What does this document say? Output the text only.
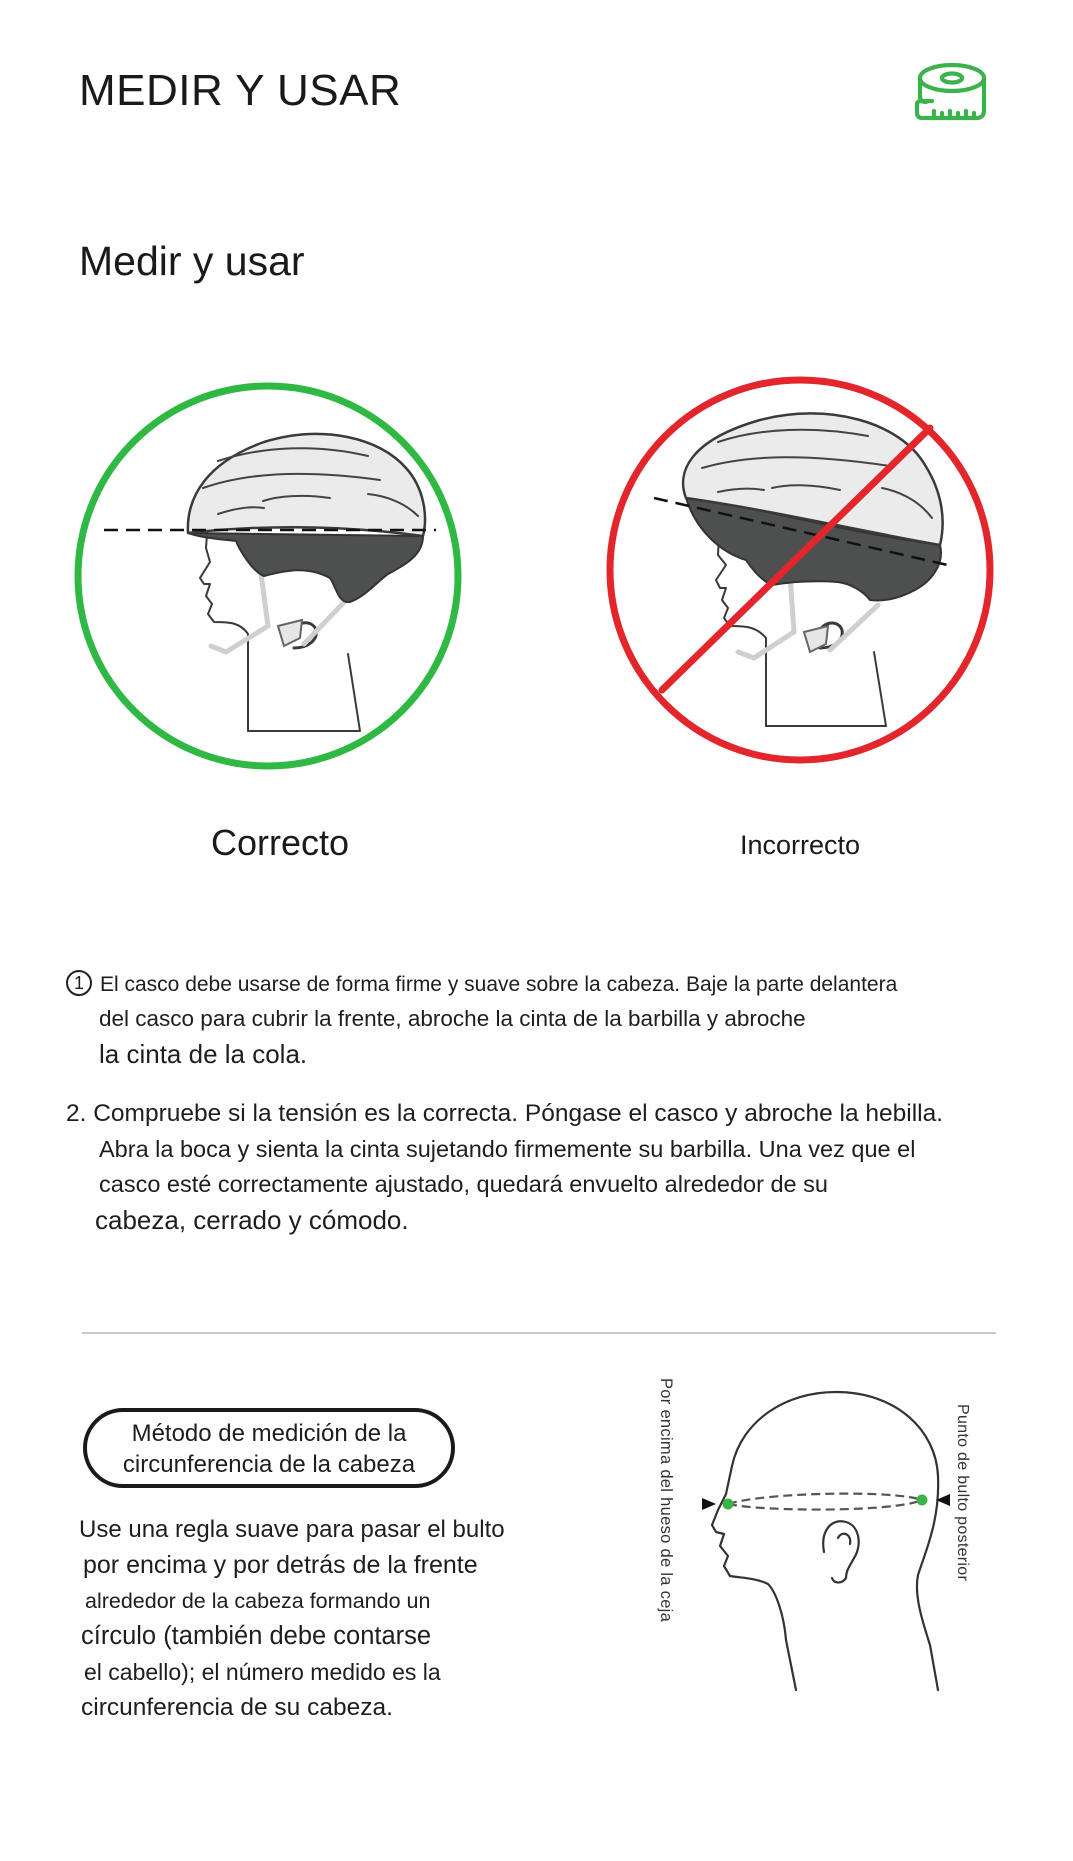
MEDIR Y USAR
Medir y usar
Correcto	Incorrecto
1 El casco debe usarse de forma firme y suave sobre la cabeza. Baje la parte delantera
del casco para cubrir la frente, abroche la cinta de la barbilla y abroche
la cinta de la cola.
2. Compruebe si la tensión es la correcta. Póngase el casco y abroche la hebilla.
Abra la boca y sienta la cinta sujetando firmemente su barbilla. Una vez que el
casco esté correctamente ajustado, quedará envuelto alrededor de su
cabeza, cerrado y cómodo.
Método de medición de la
circunferencia de la cabeza
Use una regla suave para pasar el bulto
por encima y por detrás de la frente
alrededor de la cabeza formando un
círculo (también debe contarse
el cabello); el número medido es la
circunferencia de su cabeza.
Por encima del hueso de la ceja	Punto de bulto posterior
